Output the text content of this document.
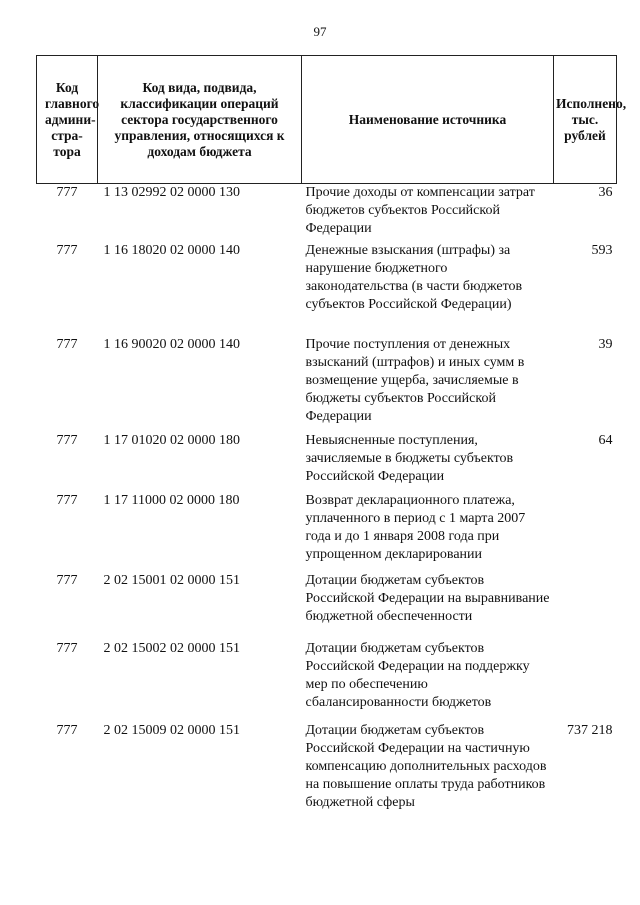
97
Код главного админи-стра-тора	Код вида, подвида, классификации операций сектора государственного управления, относящихся к доходам бюджета	Наименование источника	Исполнено, тыс. рублей
777	1 13 02992 02 0000 130	Прочие доходы от компенсации затрат бюджетов субъектов Российской Федерации	36
777	1 16 18020 02 0000 140	Денежные взыскания (штрафы) за нарушение бюджетного законодательства (в части бюджетов субъектов Российской Федерации)	593
777	1 16 90020 02 0000 140	Прочие поступления от денежных взысканий (штрафов) и иных сумм в возмещение ущерба, зачисляемые в бюджеты субъектов Российской Федерации	39
777	1 17 01020 02 0000 180	Невыясненные поступления, зачисляемые в бюджеты субъектов Российской Федерации	64
777	1 17 11000 02 0000 180	Возврат декларационного платежа, уплаченного в период с 1 марта 2007 года и до 1 января 2008 года при упрощенном декларировании	
777	2 02 15001 02 0000 151	Дотации бюджетам субъектов Российской Федерации на выравнивание бюджетной обеспеченности	
777	2 02 15002 02 0000 151	Дотации бюджетам субъектов Российской Федерации на поддержку мер по обеспечению сбалансированности бюджетов	
777	2 02 15009 02 0000 151	Дотации бюджетам субъектов Российской Федерации на частичную компенсацию дополнительных расходов на повышение оплаты труда работников бюджетной сферы	737 218
